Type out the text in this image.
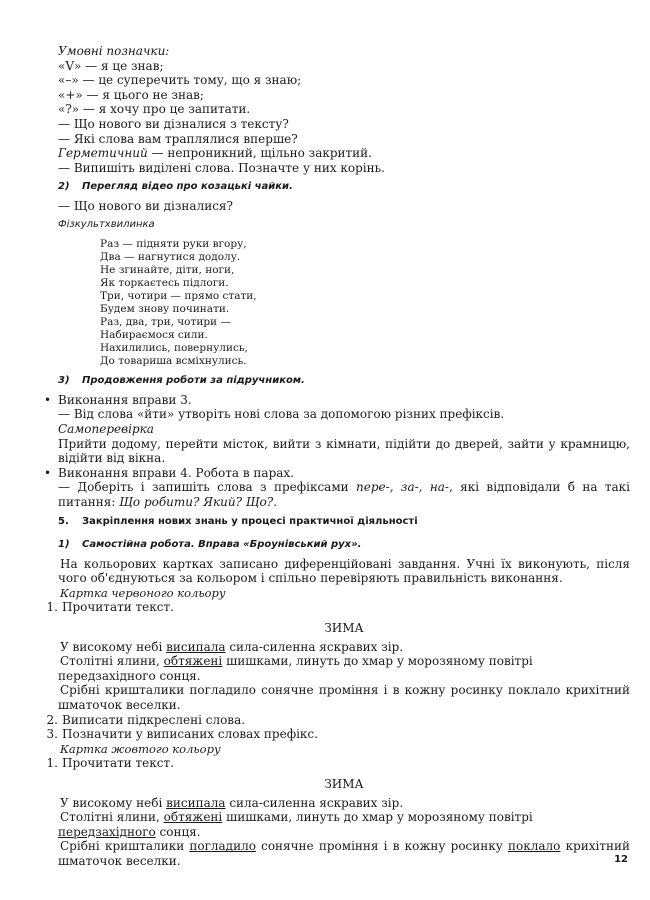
Умовні позначки:
«V» — я це знав;
«–» — це суперечить тому, що я знаю;
«+» — я цього не знав;
«?» — я хочу про це запитати.
— Що нового ви дізналися з тексту?
— Які слова вам траплялися вперше?
Герметичний — непроникний, щільно закритий.
— Випишіть виділені слова. Позначте у них корінь.
2) Перегляд відео про козацькі чайки.
— Що нового ви дізналися?
Фізкультхвилинка
Раз — підняти руки вгору,
Два — нагнутися додолу.
Не згинайте, діти, ноги,
Як торкаєтесь підлоги.
Три, чотири — прямо стати,
Будем знову починати.
Раз, два, три, чотири —
Набираємося сили.
Нахилились, повернулись,
До товариша всміхнулись.
3) Продовження роботи за підручником.
• Виконання вправи 3.
— Від слова «йти» утворіть нові слова за допомогою різних префіксів.
Самоперевірка
Прийти додому, перейти місток, вийти з кімнати, підійти до дверей, зайти у крамницю, відійти від вікна.
• Виконання вправи 4. Робота в парах.
— Доберіть і запишіть слова з префіксами пере-, за-, на-, які відповідали б на такі питання: Що робити? Який? Що?.
5. Закріплення нових знань у процесі практичної діяльності
1) Самостійна робота. Вправа «Броунівський рух».
На кольорових картках записано диференційовані завдання. Учні їх виконують, після чого об'єднуються за кольором і спільно перевіряють правильність виконання.
Картка червоного кольору
1. Прочитати текст.
ЗИМА
У високому небі висипала сила-силенна яскравих зір.
Столітні ялини, обтяжені шишками, линуть до хмар у морозяному повітрі передзахідного сонця.
Срібні кришталики погладило сонячне проміння і в кожну росинку поклало крихітний шматочок веселки.
2. Виписати підкреслені слова.
3. Позначити у виписаних словах префікс.
Картка жовтого кольору
1. Прочитати текст.
ЗИМА
У високому небі висипала сила-силенна яскравих зір.
Столітні ялини, обтяжені шишками, линуть до хмар у морозяному повітрі передзахідного сонця.
Срібні кришталики погладило сонячне проміння і в кожну росинку поклало крихітний шматочок веселки.	12
